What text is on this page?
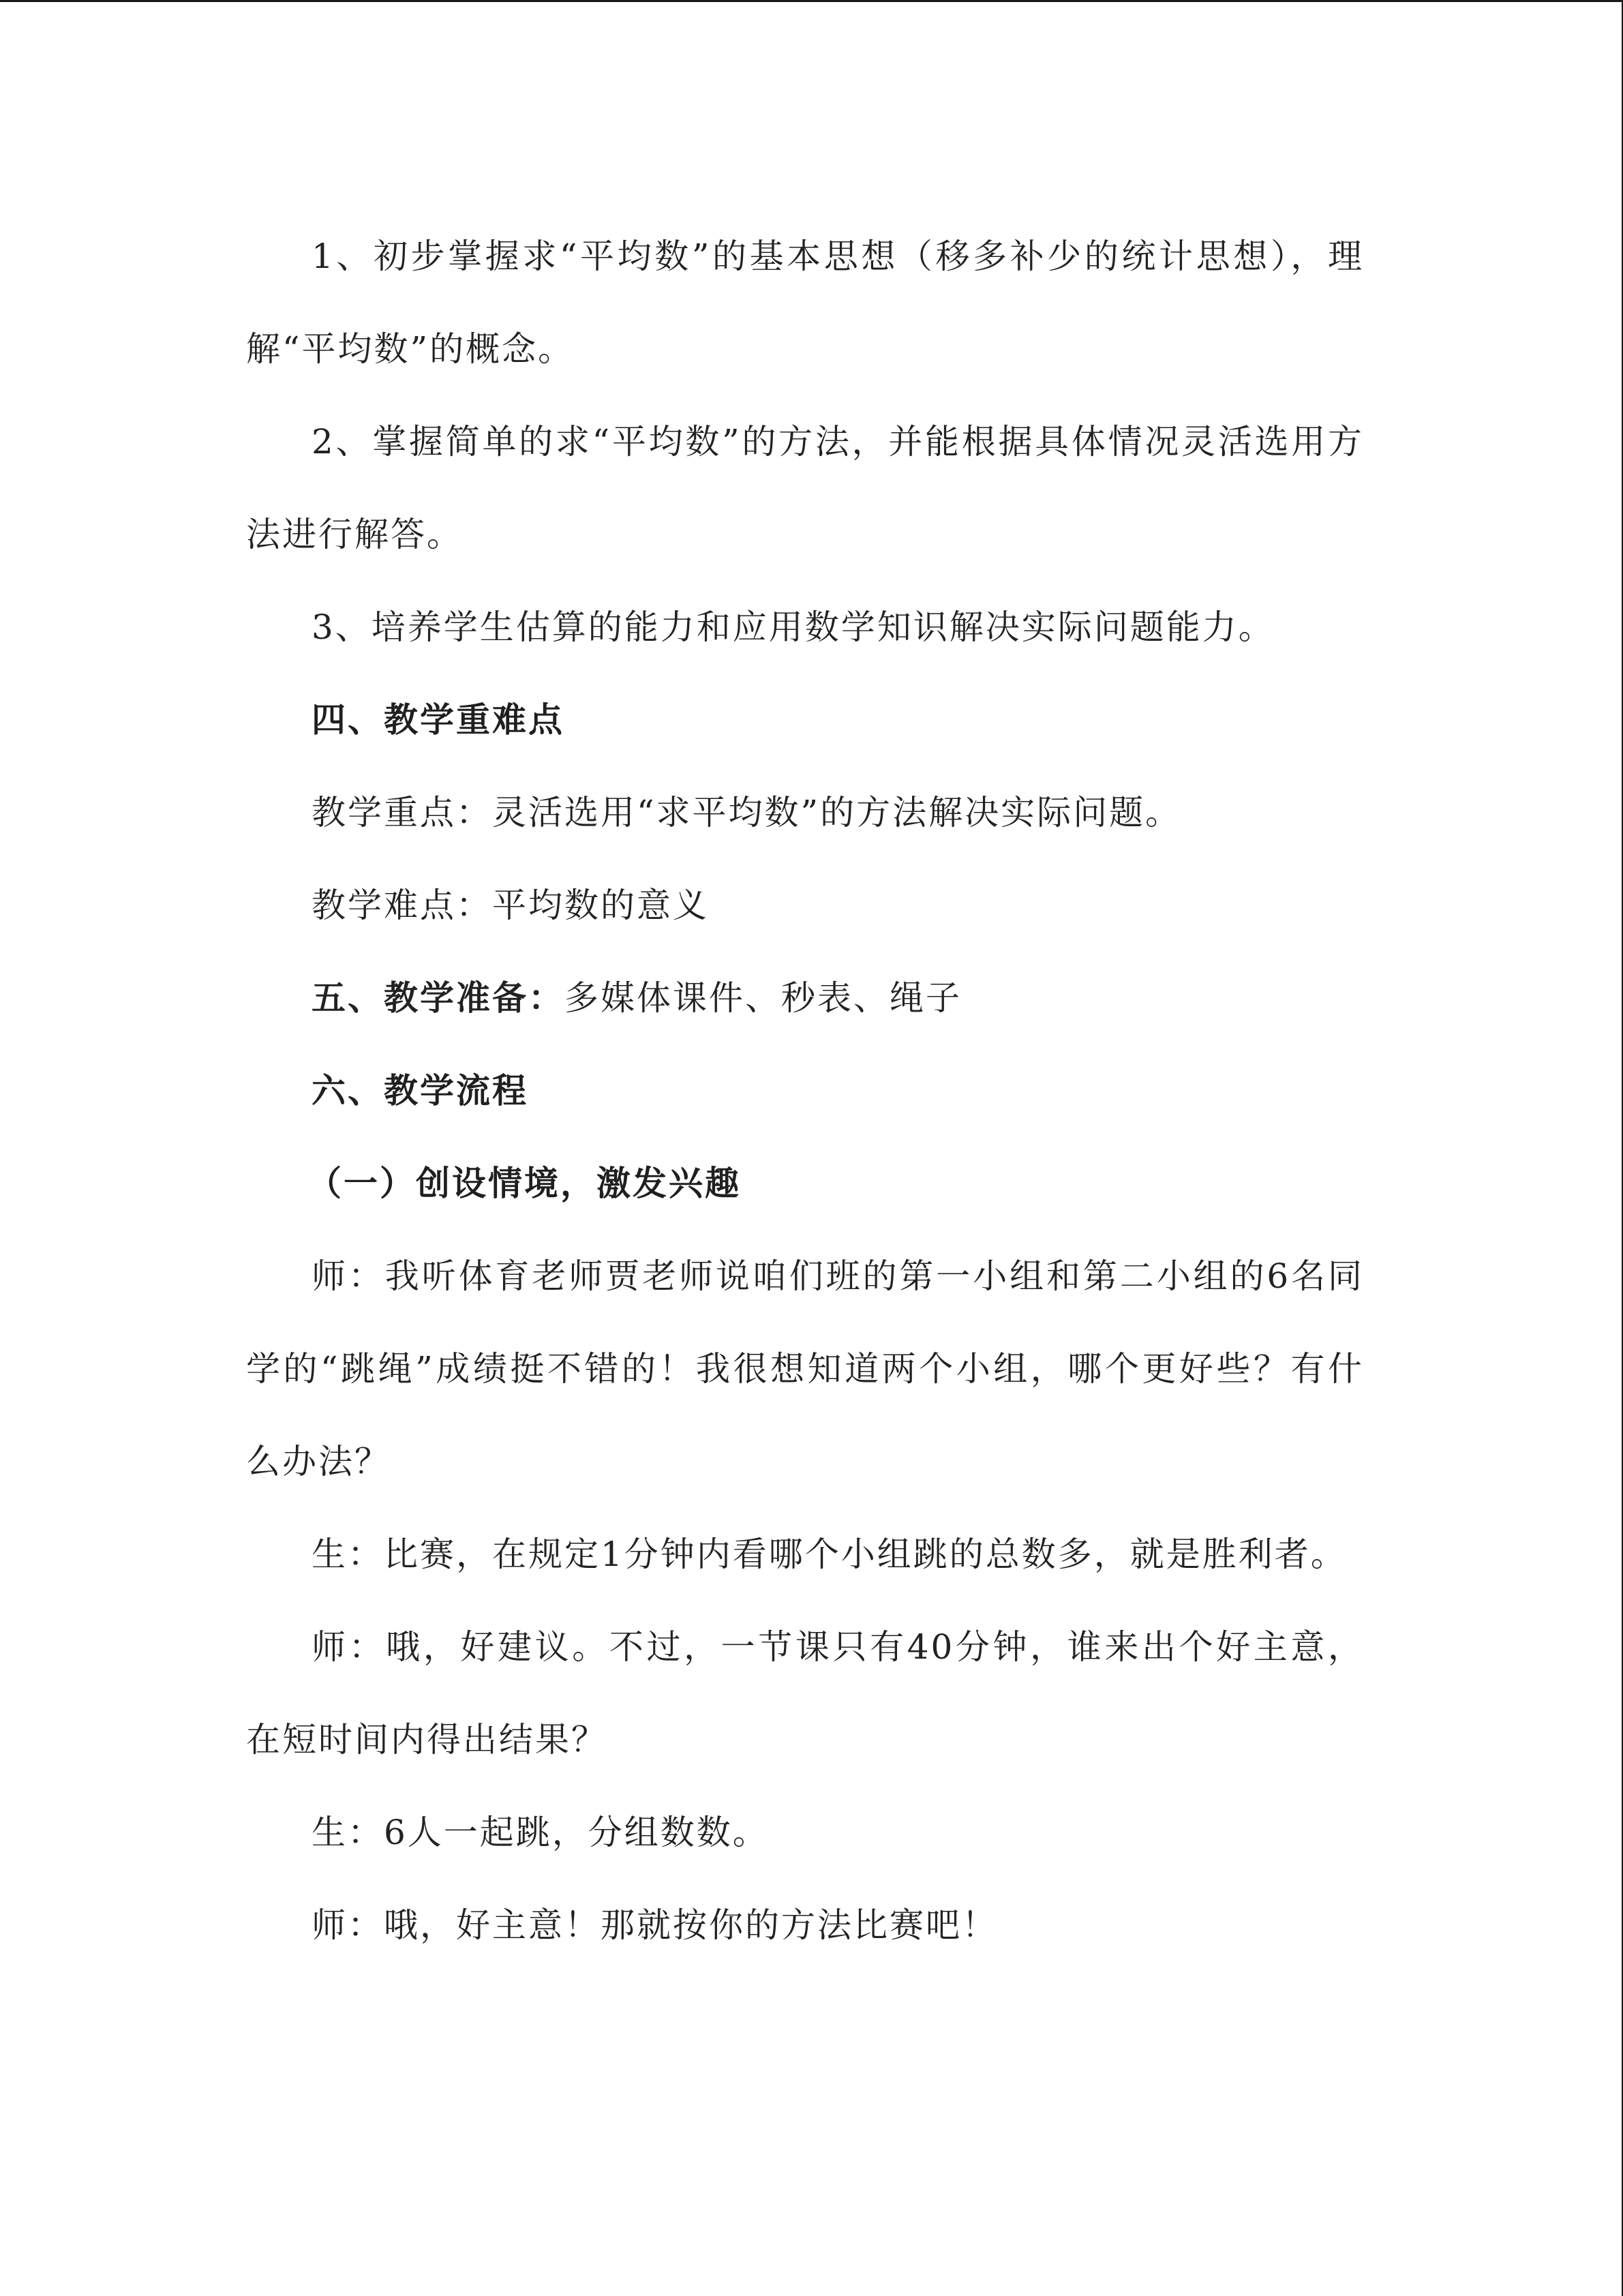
1、初步掌握求“平均数”的基本思想（移多补少的统计思想），理解“平均数”的概念。

2、掌握简单的求“平均数”的方法，并能根据具体情况灵活选用方法进行解答。

3、培养学生估算的能力和应用数学知识解决实际问题能力。

四、教学重难点

教学重点：灵活选用“求平均数”的方法解决实际问题。

教学难点：平均数的意义

五、教学准备：多媒体课件、秒表、绳子

六、教学流程

（一）创设情境，激发兴趣

师：我听体育老师贾老师说咱们班的第一小组和第二小组的6名同学的“跳绳”成绩挺不错的！我很想知道两个小组，哪个更好些？有什么办法？

生：比赛，在规定1分钟内看哪个小组跳的总数多，就是胜利者。

师：哦，好建议。不过，一节课只有40分钟，谁来出个好主意，在短时间内得出结果？

生：6人一起跳，分组数数。

师：哦，好主意！那就按你的方法比赛吧！
